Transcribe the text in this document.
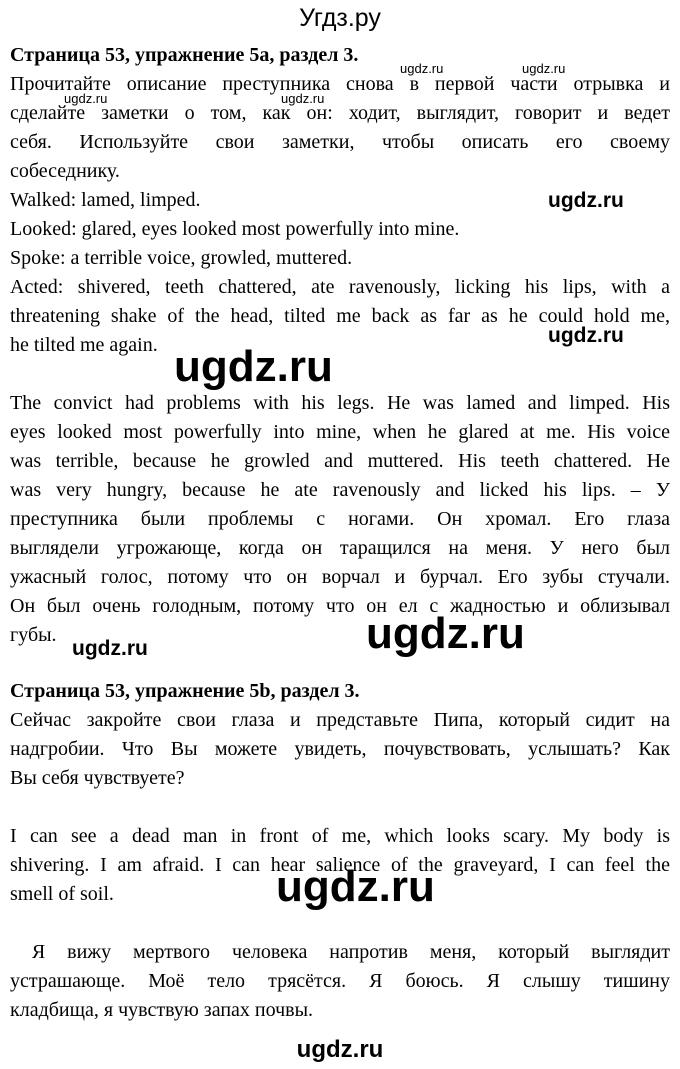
Угдз.ру
Страница 53, упражнение 5a, раздел 3.
Прочитайте описание преступника снова в первой части отрывка и
сделайте заметки о том, как он: ходит, выглядит, говорит и ведет
себя. Используйте свои заметки, чтобы описать его своему
собеседнику.
Walked: lamed, limped.
Looked: glared, eyes looked most powerfully into mine.
Spoke: a terrible voice, growled, muttered.
Acted: shivered, teeth chattered, ate ravenously, licking his lips, with a
threatening shake of the head, tilted me back as far as he could hold me,
he tilted me again.
The convict had problems with his legs. He was lamed and limped. His
eyes looked most powerfully into mine, when he glared at me. His voice
was terrible, because he growled and muttered. His teeth chattered. He
was very hungry, because he ate ravenously and licked his lips. – У
преступника были проблемы с ногами. Он хромал. Его глаза
выглядели угрожающе, когда он таращился на меня. У него был
ужасный голос, потому что он ворчал и бурчал. Его зубы стучали.
Он был очень голодным, потому что он ел с жадностью и облизывал
губы.
Страница 53, упражнение 5b, раздел 3.
Сейчас закройте свои глаза и представьте Пипа, который сидит на
надгробии. Что Вы можете увидеть, почувствовать, услышать? Как
Вы себя чувствуете?
I can see a dead man in front of me, which looks scary. My body is
shivering. I am afraid. I can hear salience of the graveyard, I can feel the
smell of soil.
Я вижу мертвого человека напротив меня, который выглядит
устрашающе. Моё тело трясётся. Я боюсь. Я слышу тишину
кладбища, я чувствую запах почвы.
ugdz.ru	ugdz.ru
ugdz.ru	ugdz.ru
ugdz.ru
ugdz.ru
ugdz.ru
ugdz.ru
ugdz.ru
ugdz.ru
ugdz.ru
